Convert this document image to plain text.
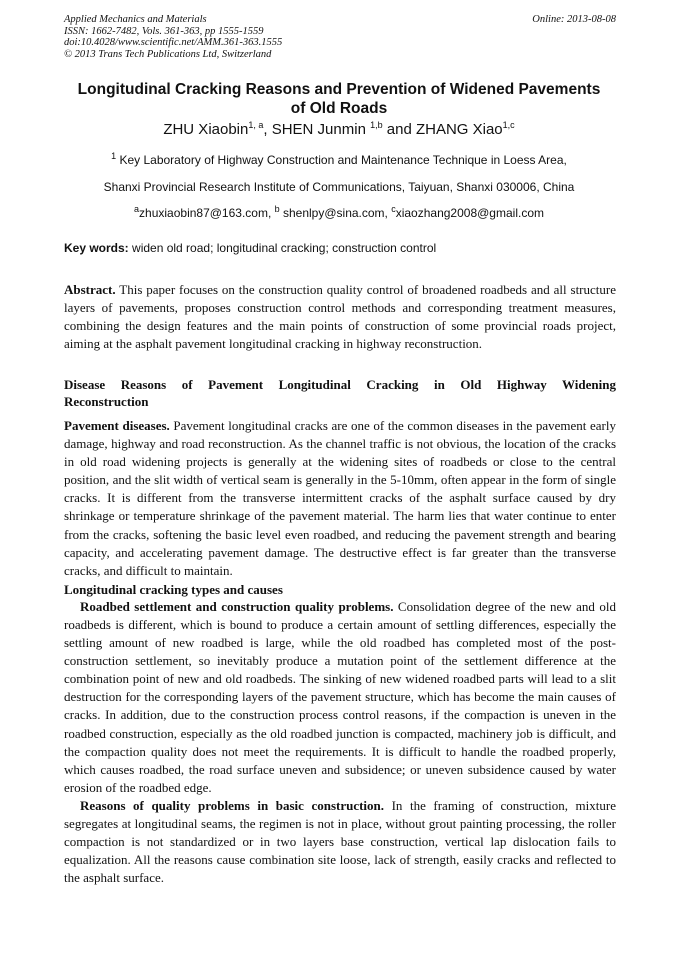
Applied Mechanics and Materials
ISSN: 1662-7482, Vols. 361-363, pp 1555-1559
doi:10.4028/www.scientific.net/AMM.361-363.1555
© 2013 Trans Tech Publications Ltd, Switzerland
Online: 2013-08-08
Longitudinal Cracking Reasons and Prevention of Widened Pavements
of Old Roads
ZHU Xiaobin$^{1, a}$, SHEN Junmin $^{1,b}$ and ZHANG Xiao$^{1,c}$
$^1$ Key Laboratory of Highway Construction and Maintenance Technique in Loess Area,
Shanxi Provincial Research Institute of Communications, Taiyuan, Shanxi 030006, China
$^a$zhuxiaobin87@163.com, $^b$ shenlpy@sina.com, $^c$xiaozhang2008@gmail.com
Key words: widen old road; longitudinal cracking; construction control

Abstract. This paper focuses on the construction quality control of broadened roadbeds and all structure layers of pavements, proposes construction control methods and corresponding treatment measures, combining the design features and the main points of construction of some provincial roads project, aiming at the asphalt pavement longitudinal cracking in highway reconstruction.

Disease Reasons of Pavement Longitudinal Cracking in Old Highway Widening

Reconstruction

Pavement diseases. Pavement longitudinal cracks are one of the common diseases in the pavement early damage, highway and road reconstruction. As the channel traffic is not obvious, the location of the cracks in old road widening projects is generally at the widening sites of roadbeds or close to the central position, and the slit width of vertical seam is generally in the 5-10mm, often appear in the form of single cracks. It is different from the transverse intermittent cracks of the asphalt surface caused by dry shrinkage or temperature shrinkage of the pavement material. The harm lies that water continue to enter from the cracks, softening the basic level even roadbed, and reducing the pavement strength and bearing capacity, and accelerating pavement damage. The destructive effect is far greater than the transverse cracks, and difficult to maintain.

Longitudinal cracking types and causes

Roadbed settlement and construction quality problems. Consolidation degree of the new and old roadbeds is different, which is bound to produce a certain amount of settling differences, especially the settling amount of new roadbed is large, while the old roadbed has completed most of the post-construction settlement, so inevitably produce a mutation point of the settlement difference at the combination point of new and old roadbeds. The sinking of new widened roadbed parts will lead to a slit destruction for the corresponding layers of the pavement structure, which has become the main causes of cracks. In addition, due to the construction process control reasons, if the compaction is uneven in the roadbed construction, especially as the old roadbed junction is compacted, machinery job is difficult, and the compaction quality does not meet the requirements. It is difficult to handle the roadbed properly, which causes roadbed, the road surface uneven and subsidence; or uneven subsidence caused by water erosion of the roadbed edge.

Reasons of quality problems in basic construction. In the framing of construction, mixture segregates at longitudinal seams, the regimen is not in place, without grout painting processing, the roller compaction is not standardized or in two layers base construction, vertical lap dislocation fails to equalization. All the reasons cause combination site loose, lack of strength, easily cracks and reflected to the asphalt surface.
